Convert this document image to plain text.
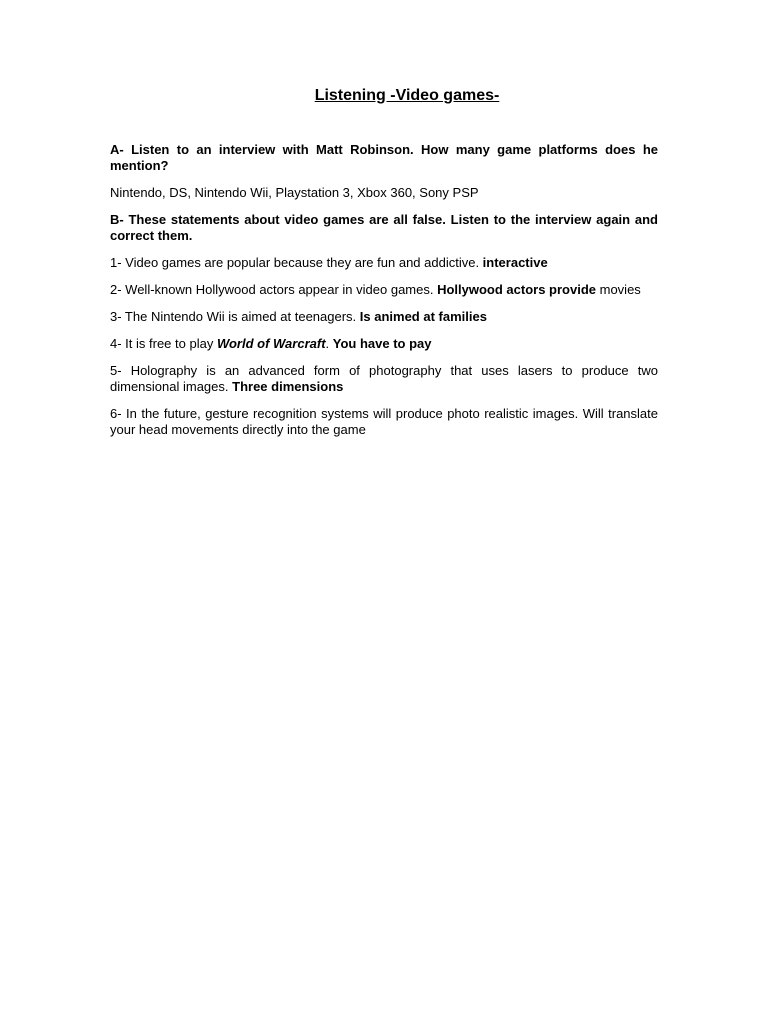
Listening -Video games-

A- Listen to an interview with Matt Robinson. How many game platforms does he mention?

Nintendo, DS, Nintendo Wii, Playstation 3, Xbox 360, Sony PSP

B- These statements about video games are all false. Listen to the interview again and correct them.

1- Video games are popular because they are fun and addictive. interactive

2- Well-known Hollywood actors appear in video games. Hollywood actors provide movies

3- The Nintendo Wii is aimed at teenagers. Is animed at families

4- It is free to play World of Warcraft. You have to pay

5- Holography is an advanced form of photography that uses lasers to produce two dimensional images. Three dimensions

6- In the future, gesture recognition systems will produce photo realistic images. Will translate your head movements directly into the game
